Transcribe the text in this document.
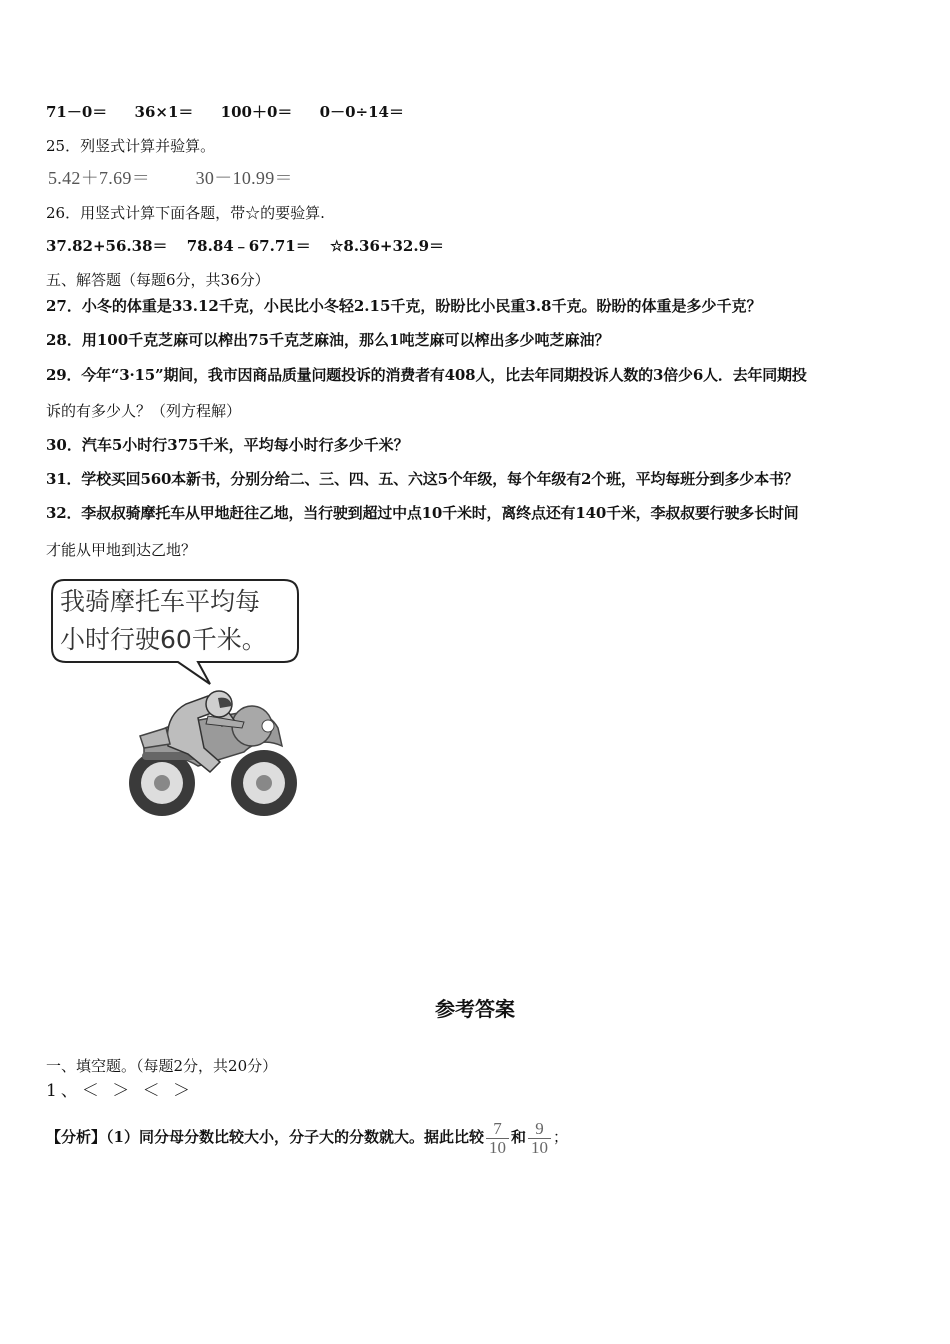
71－0＝ 36×1＝ 100＋0＝ 0－0÷14＝
25．列竖式计算并验算。
5.42＋7.69＝	30－10.99＝
26．用竖式计算下面各题，带☆的要验算.
37.82+56.38＝ 78.84﹣67.71＝ ☆8.36+32.9＝
五、解答题（每题6分，共36分）
27．小冬的体重是33.12千克，小民比小冬轻2.15千克，盼盼比小民重3.8千克。盼盼的体重是多少千克？
28．用100千克芝麻可以榨出75千克芝麻油，那么1吨芝麻可以榨出多少吨芝麻油？
29．今年“3·15”期间，我市因商品质量问题投诉的消费者有408人，比去年同期投诉人数的3倍少6人．去年同期投
诉的有多少人？（列方程解）
30．汽车5小时行375千米，平均每小时行多少千米？
31．学校买回560本新书，分别分给二、三、四、五、六这5个年级，每个年级有2个班，平均每班分到多少本书？
32．李叔叔骑摩托车从甲地赶往乙地，当行驶到超过中点10千米时，离终点还有140千米，李叔叔要行驶多长时间
才能从甲地到达乙地？
我骑摩托车平均每
小时行驶60千米。
参考答案
一、填空题。（每题2分，共20分）
1、＜ ＞ ＜ ＞
【分析】（1）同分母分数比较大小，分子大的分数就大。据此比较 $\frac{7}{10}$ 和 $\frac{9}{10}$ ；
